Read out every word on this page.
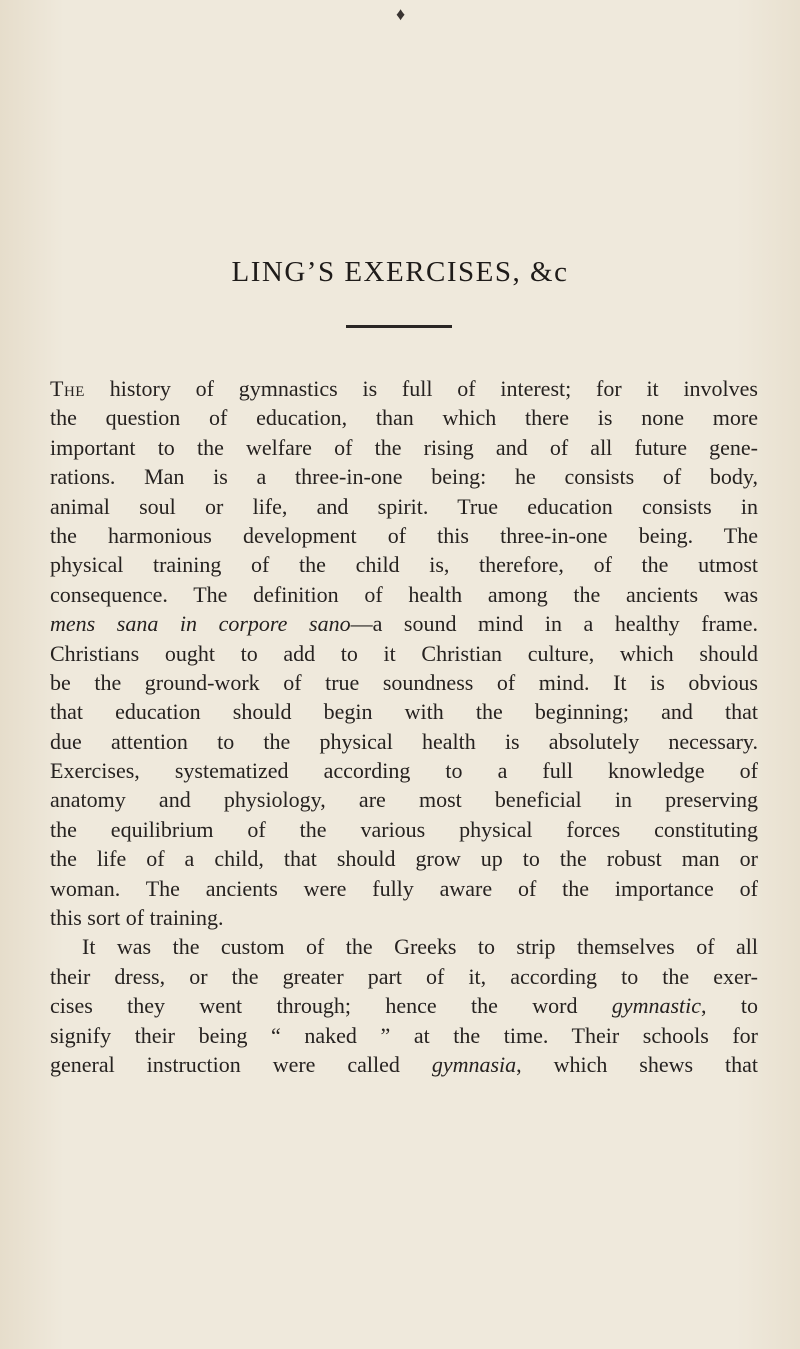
♦
LING’S EXERCISES, &c
The history of gymnastics is full of interest; for it involves
the question of education, than which there is none more
important to the welfare of the rising and of all future gene-
rations. Man is a three-in-one being: he consists of body,
animal soul or life, and spirit. True education consists in
the harmonious development of this three-in-one being. The
physical training of the child is, therefore, of the utmost
consequence. The definition of health among the ancients was
mens sana in corpore sano—a sound mind in a healthy frame.
Christians ought to add to it Christian culture, which should
be the ground-work of true soundness of mind. It is obvious
that education should begin with the beginning; and that
due attention to the physical health is absolutely necessary.
Exercises, systematized according to a full knowledge of
anatomy and physiology, are most beneficial in preserving
the equilibrium of the various physical forces constituting
the life of a child, that should grow up to the robust man or
woman. The ancients were fully aware of the importance of
this sort of training.
It was the custom of the Greeks to strip themselves of all
their dress, or the greater part of it, according to the exer-
cises they went through; hence the word gymnastic, to
signify their being “ naked ” at the time. Their schools for
general instruction were called gymnasia, which shews that
